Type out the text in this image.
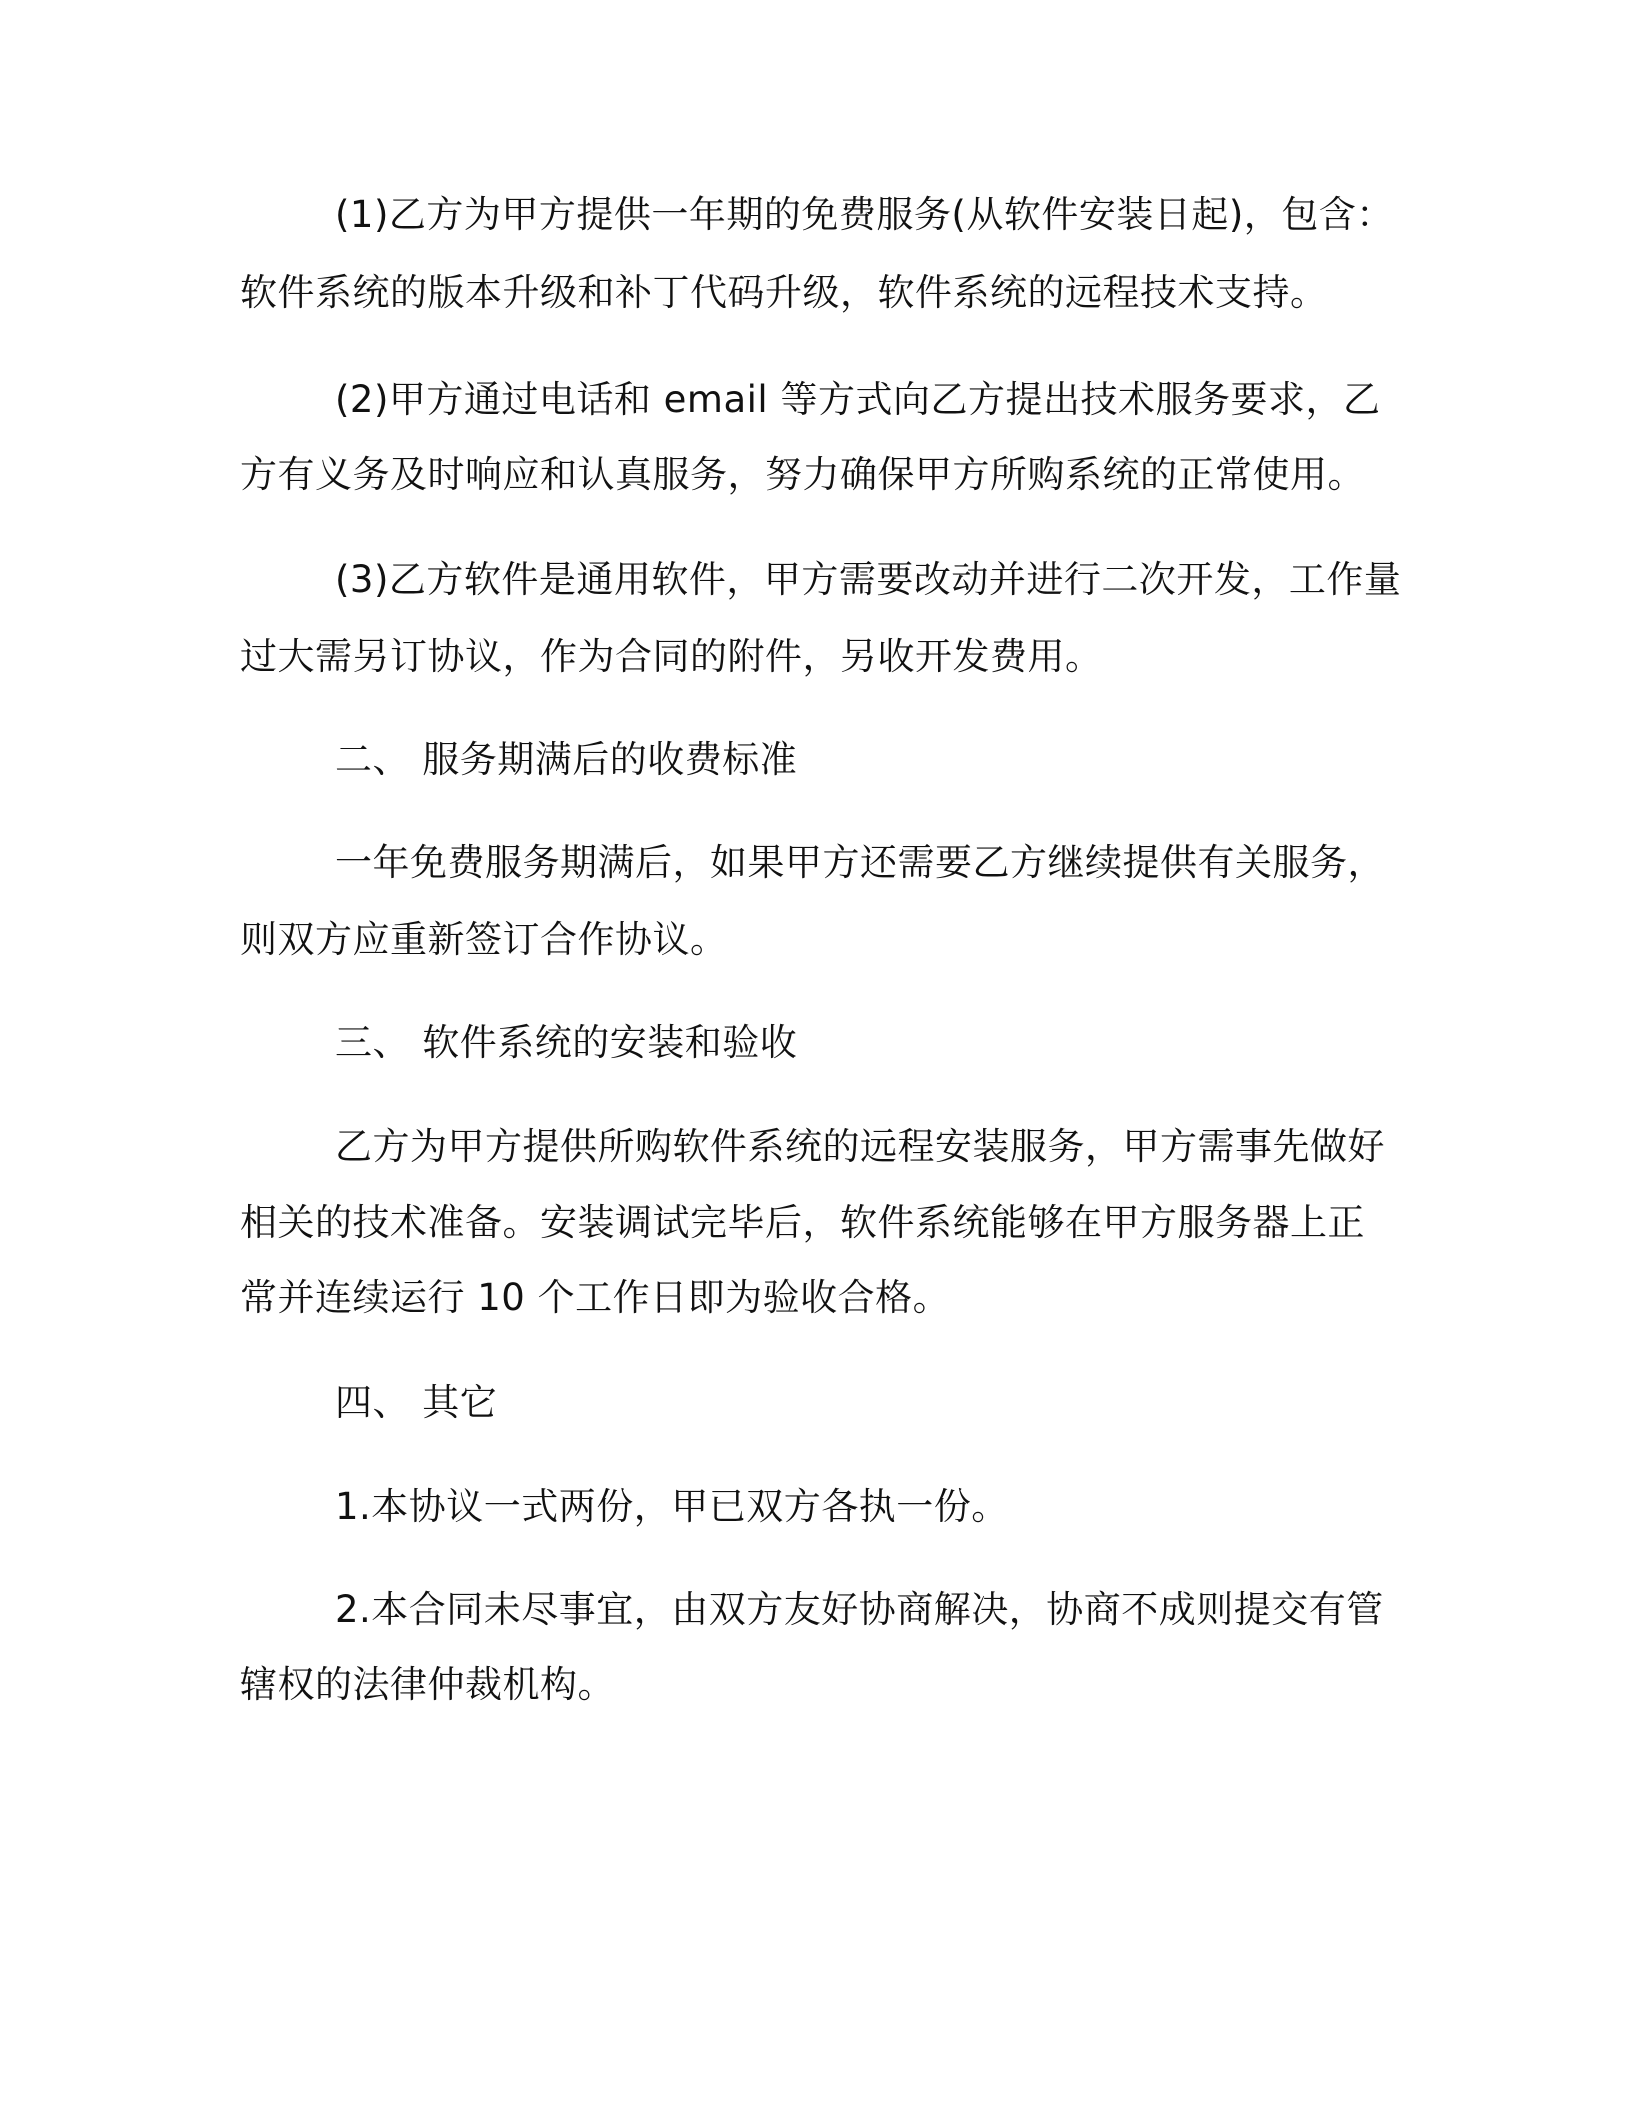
(1)乙方为甲方提供一年期的免费服务(从软件安装日起)，包含：

软件系统的版本升级和补丁代码升级，软件系统的远程技术支持。

(2)甲方通过电话和 email 等方式向乙方提出技术服务要求，乙

方有义务及时响应和认真服务，努力确保甲方所购系统的正常使用。

(3)乙方软件是通用软件，甲方需要改动并进行二次开发，工作量

过大需另订协议，作为合同的附件，另收开发费用。

二、 服务期满后的收费标准

一年免费服务期满后，如果甲方还需要乙方继续提供有关服务，

则双方应重新签订合作协议。

三、 软件系统的安装和验收

乙方为甲方提供所购软件系统的远程安装服务，甲方需事先做好

相关的技术准备。安装调试完毕后，软件系统能够在甲方服务器上正

常并连续运行 10 个工作日即为验收合格。

四、 其它

1.本协议一式两份，甲已双方各执一份。

2.本合同未尽事宜，由双方友好协商解决，协商不成则提交有管

辖权的法律仲裁机构。
